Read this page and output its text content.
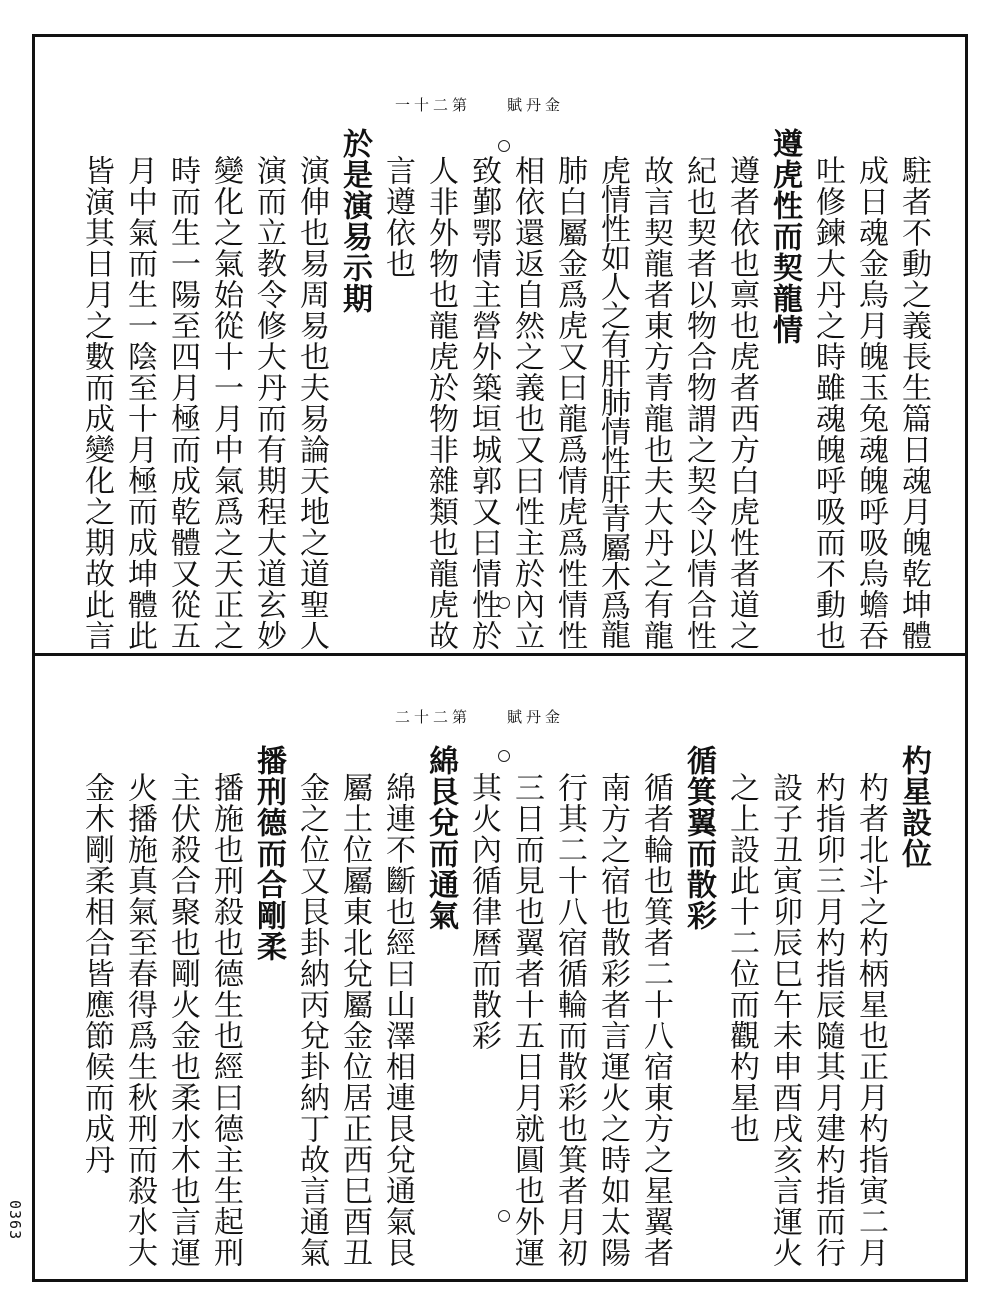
一十二第 賦丹金
駐者不動之義長生篇日魂月魄乾坤體
成日魂金烏月魄玉兔魂魄呼吸烏蟾吞
吐修鍊大丹之時雖魂魄呼吸而不動也
遵虎性而契龍情
遵者依也禀也虎者西方白虎性者道之
紀也契者以物合物謂之契令以情合性
故言契龍者東方青龍也夫大丹之有龍
虎情性如人之有肝肺情性肝青屬木爲龍
肺白屬金爲虎又曰龍爲情虎爲性情性
相依還返自然之義也又曰性主於內立
致鄞鄂情主營外築垣城郭又曰情性於
人非外物也龍虎於物非雜類也龍虎故
言遵依也
於是演易示期
演伸也易周易也夫易論天地之道聖人
演而立教令修大丹而有期程大道玄妙
變化之氣始從十一月中氣爲之天正之
時而生一陽至四月極而成乾體又從五
月中氣而生一陰至十月極而成坤體此
皆演其日月之數而成變化之期故此言
二十二第 賦丹金
杓星設位
杓者北斗之杓柄星也正月杓指寅二月
杓指卯三月杓指辰隨其月建杓指而行
設子丑寅卯辰巳午未申酉戌亥言運火
之上設此十二位而觀杓星也
循箕翼而散彩
循者輪也箕者二十八宿東方之星翼者
南方之宿也散彩者言運火之時如太陽
行其二十八宿循輪而散彩也箕者月初
三日而見也翼者十五日月就圓也外運
其火內循律曆而散彩
綿艮兌而通氣
綿連不斷也經曰山澤相連艮兌通氣艮
屬土位屬東北兌屬金位居正西巳酉丑
金之位又艮卦納丙兌卦納丁故言通氣
播刑德而合剛柔
播施也刑殺也德生也經曰德主生起刑
主伏殺合聚也剛火金也柔水木也言運
火播施真氣至春得爲生秋刑而殺水大
金木剛柔相合皆應節候而成丹
0363
